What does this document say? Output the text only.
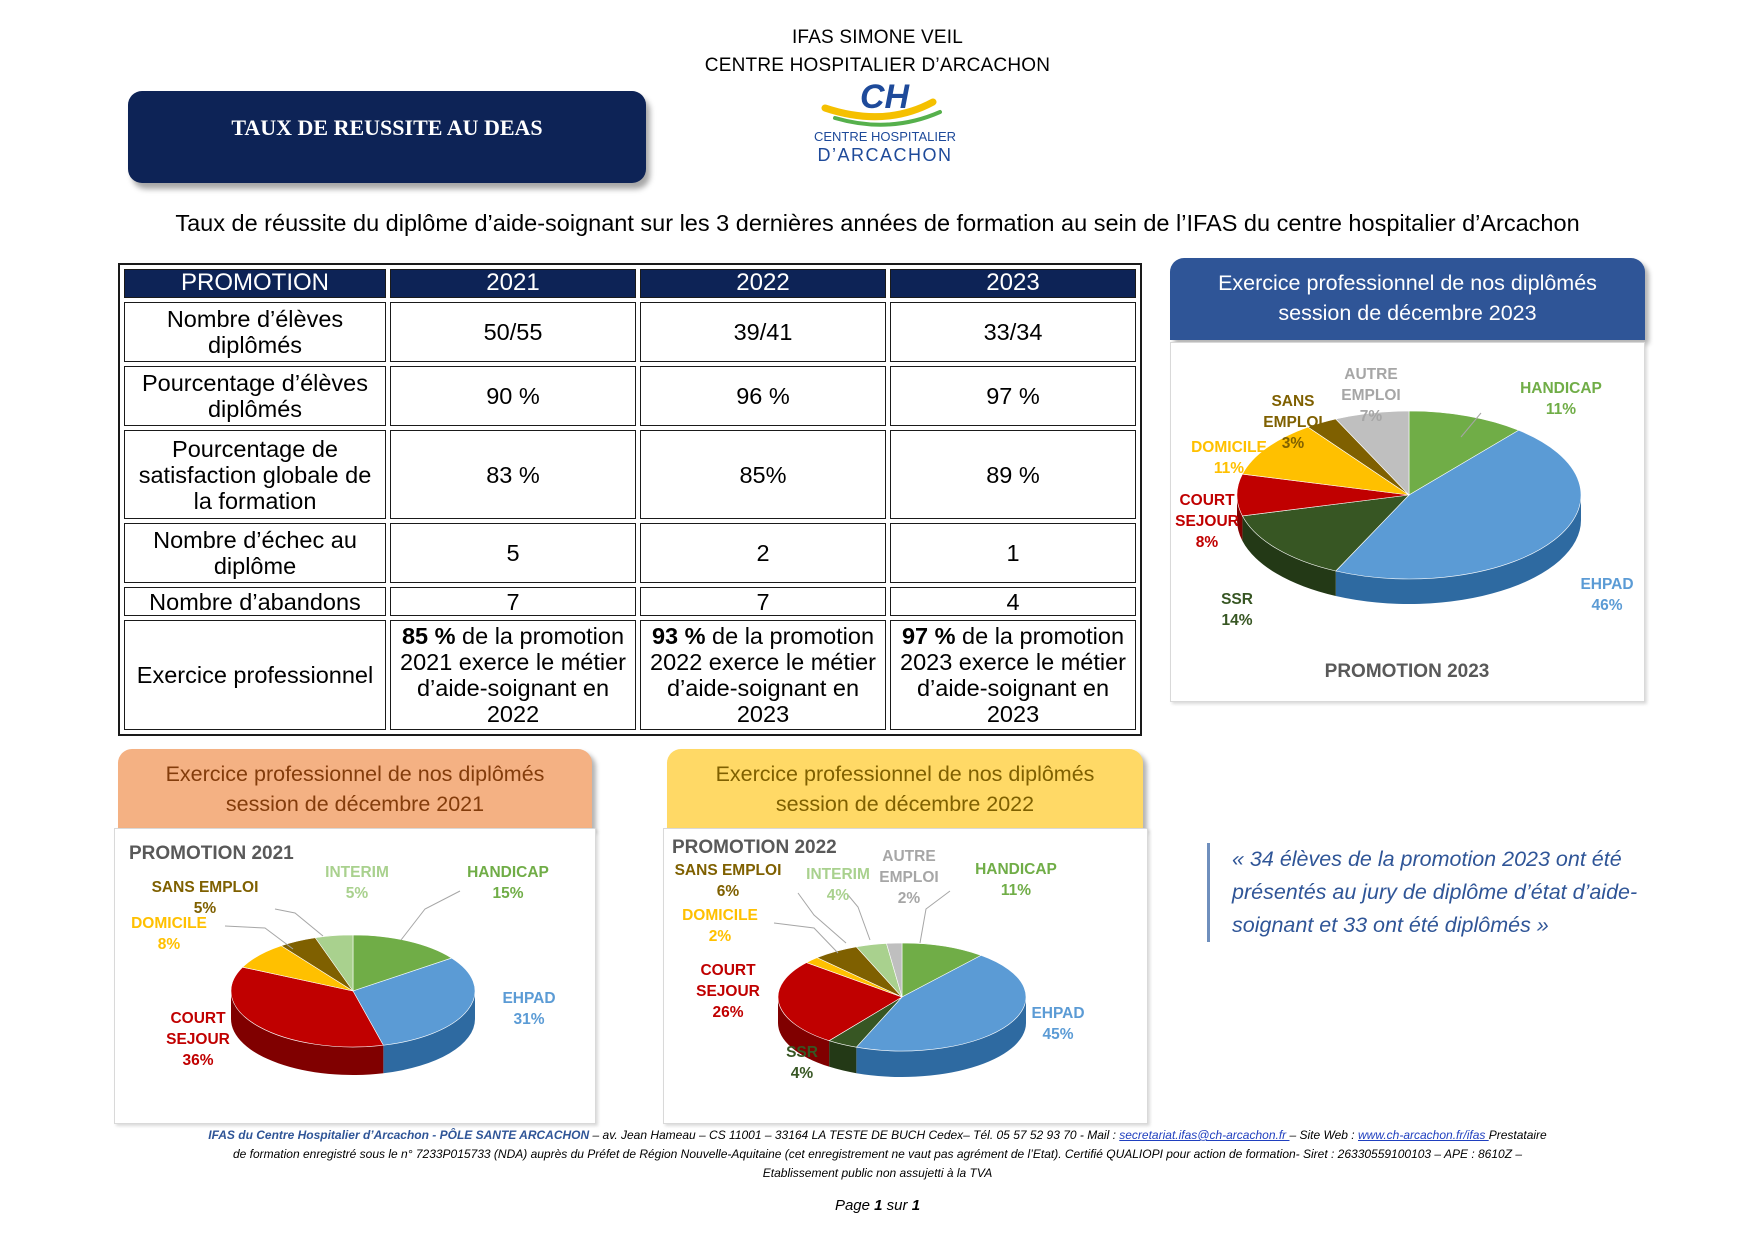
IFAS SIMONE VEIL
CENTRE HOSPITALIER D’ARCACHON
CH
CENTRE HOSPITALIER
D’ARCACHON
TAUX DE REUSSITE AU DEAS
Taux de réussite du diplôme d’aide-soignant sur les 3 dernières années de formation au sein de l’IFAS du centre hospitalier d’Arcachon
PROMOTION	2021	2022	2023
Nombre d’élèves diplômés	50/55	39/41	33/34
Pourcentage d’élèves diplômés	90 %	96 %	97 %
Pourcentage de satisfaction globale de la formation	83 %	85%	89 %
Nombre d’échec au diplôme	5	2	1
Nombre d’abandons	7	7	4
Exercice professionnel	85 % de la promotion 2021 exerce le métier d’aide-soignant en 2022	93 % de la promotion 2022 exerce le métier d’aide-soignant en 2023	97 % de la promotion 2023 exerce le métier d’aide-soignant en 2023
Exercice professionnel de nos diplômés
session de décembre 2023
PROMOTION 2023
HANDICAP
11%
EHPAD
46%
SSR
14%
COURT
SEJOUR
8%
DOMICILE
11%
SANS
EMPLOI
3%
AUTRE
EMPLOI
7%
Exercice professionnel de nos diplômés
session de décembre 2021
PROMOTION 2021
HANDICAP
15%
EHPAD
31%
COURT
SEJOUR
36%
DOMICILE
8%
SANS EMPLOI
5%
INTERIM
5%
Exercice professionnel de nos diplômés
session de décembre 2022
PROMOTION 2022
HANDICAP
11%
EHPAD
45%
SSR
4%
COURT
SEJOUR
26%
DOMICILE
2%
SANS EMPLOI
6%
INTERIM
4%
AUTRE
EMPLOI
2%
« 34 élèves de la promotion 2023 ont été présentés au jury de diplôme d’état d’aide-soignant et 33 ont été diplômés »
IFAS du Centre Hospitalier d’Arcachon - PÔLE SANTE ARCACHON – av. Jean Hameau – CS 11001 – 33164 LA TESTE DE BUCH Cedex– Tél. 05 57 52 93 70 - Mail : secretariat.ifas@ch-arcachon.fr – Site Web : www.ch-arcachon.fr/ifas Prestataire
de formation enregistré sous le n° 7233P015733 (NDA) auprès du Préfet de Région Nouvelle-Aquitaine (cet enregistrement ne vaut pas agrément de l’Etat). Certifié QUALIOPI pour action de formation- Siret : 26330559100103 – APE : 8610Z –
Etablissement public non assujetti à la TVA
Page 1 sur 1
